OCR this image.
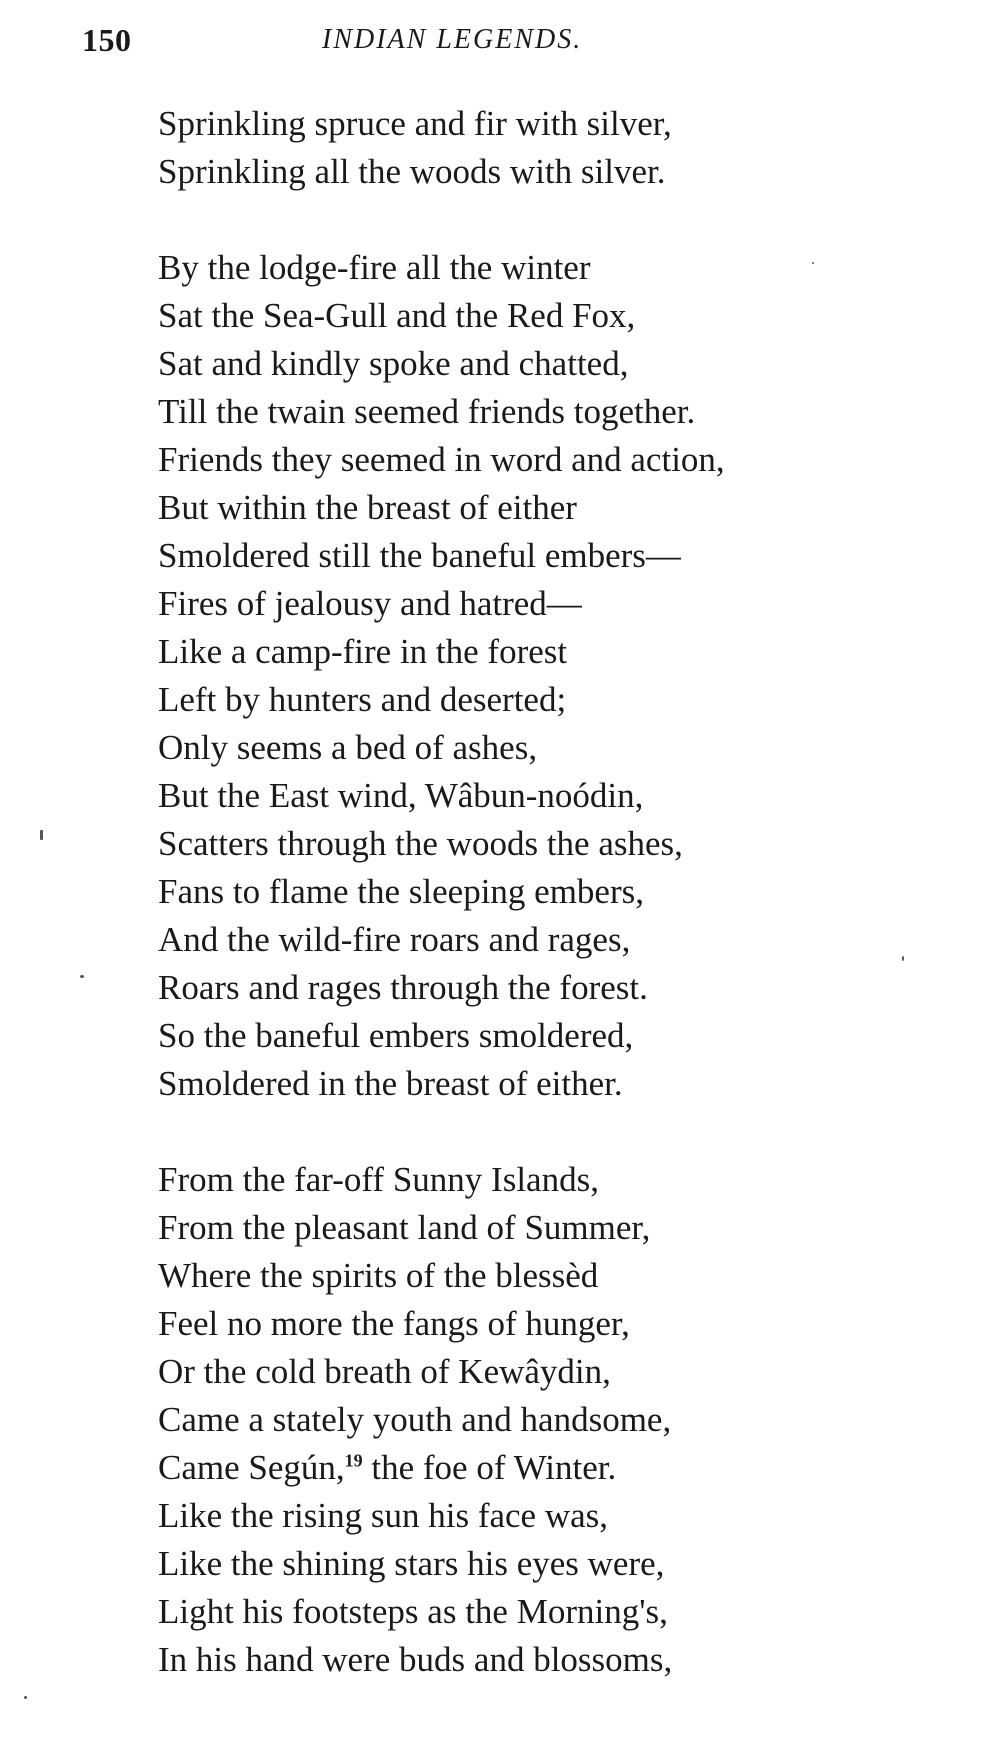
150	INDIAN LEGENDS.
Sprinkling spruce and fir with silver,
Sprinkling all the woods with silver.
By the lodge-fire all the winter
Sat the Sea-Gull and the Red Fox,
Sat and kindly spoke and chatted,
Till the twain seemed friends together.
Friends they seemed in word and action,
But within the breast of either
Smoldered still the baneful embers—
Fires of jealousy and hatred—
Like a camp-fire in the forest
Left by hunters and deserted;
Only seems a bed of ashes,
But the East wind, Wâbun-noódin,
Scatters through the woods the ashes,
Fans to flame the sleeping embers,
And the wild-fire roars and rages,
Roars and rages through the forest.
So the baneful embers smoldered,
Smoldered in the breast of either.
From the far-off Sunny Islands,
From the pleasant land of Summer,
Where the spirits of the blessèd
Feel no more the fangs of hunger,
Or the cold breath of Kewâydin,
Came a stately youth and handsome,
Came Según,$^{19}$ the foe of Winter.
Like the rising sun his face was,
Like the shining stars his eyes were,
Light his footsteps as the Morning's,
In his hand were buds and blossoms,
